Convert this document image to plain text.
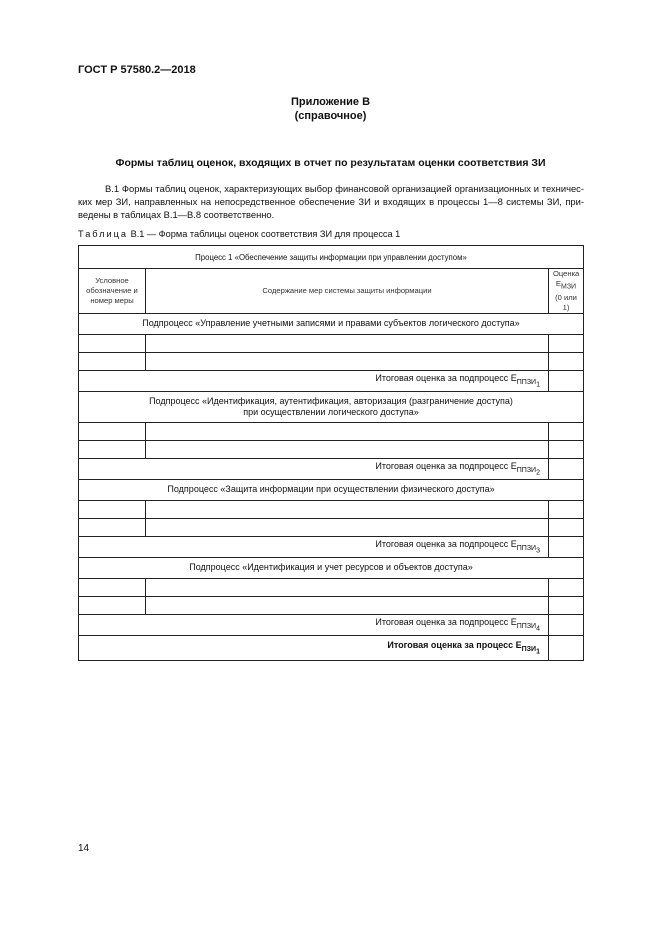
ГОСТ Р 57580.2—2018
Приложение В
(справочное)
Формы таблиц оценок, входящих в отчет по результатам оценки соответствия ЗИ

В.1 Формы таблиц оценок, характеризующих выбор финансовой организацией организационных и технических мер ЗИ, направленных на непосредственное обеспечение ЗИ и входящих в процессы 1—8 системы ЗИ, приведены в таблицах В.1—В.8 соответственно.

Таблица В.1 — Форма таблицы оценок соответствия ЗИ для процесса 1
Процесс 1 «Обеспечение защиты информации при управлении доступом»		
Условное обозначение и номер меры	Содержание мер системы защиты информации	Оценка $E_{МЗИ}$
(0 или 1)
Подпроцесс «Управление учетными записями и правами субъектов логического доступа»		

Итоговая оценка за подпроцесс $E_{ППЗИ_1}$	

Подпроцесс «Идентификация, аутентификация, авторизация (разграничение доступа)
при осуществлении логического доступа»		

Итоговая оценка за подпроцесс $E_{ППЗИ_2}$	
Подпроцесс «Защита информации при осуществлении физического доступа»		

Итоговая оценка за подпроцесс $E_{ППЗИ_3}$	
Подпроцесс «Идентификация и учет ресурсов и объектов доступа»		

Итоговая оценка за подпроцесс $E_{ППЗИ_4}$	
Итоговая оценка за процесс $E_{ПЗИ_1}$	
14
